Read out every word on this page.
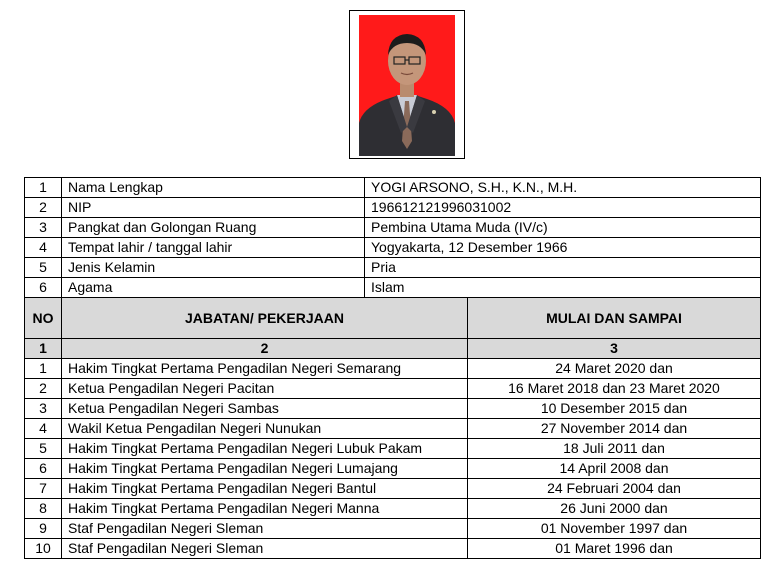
1	Nama Lengkap	YOGI ARSONO, S.H., K.N., M.H.
2	NIP	196612121996031002
3	Pangkat dan Golongan Ruang	Pembina Utama Muda (IV/c)
4	Tempat lahir / tanggal lahir	Yogyakarta, 12 Desember 1966
5	Jenis Kelamin	Pria
6	Agama	Islam
NO	JABATAN/ PEKERJAAN	MULAI DAN SAMPAI
1	2	3
1	Hakim Tingkat Pertama Pengadilan Negeri Semarang	24 Maret 2020 dan
2	Ketua Pengadilan Negeri Pacitan	16 Maret 2018 dan 23 Maret 2020
3	Ketua Pengadilan Negeri Sambas	10 Desember 2015 dan
4	Wakil Ketua Pengadilan Negeri Nunukan	27 November 2014 dan
5	Hakim Tingkat Pertama Pengadilan Negeri Lubuk Pakam	18 Juli 2011 dan
6	Hakim Tingkat Pertama Pengadilan Negeri Lumajang	14 April 2008 dan
7	Hakim Tingkat Pertama Pengadilan Negeri Bantul	24 Februari 2004 dan
8	Hakim Tingkat Pertama Pengadilan Negeri Manna	26 Juni 2000 dan
9	Staf Pengadilan Negeri Sleman	01 November 1997 dan
10	Staf Pengadilan Negeri Sleman	01 Maret 1996 dan
